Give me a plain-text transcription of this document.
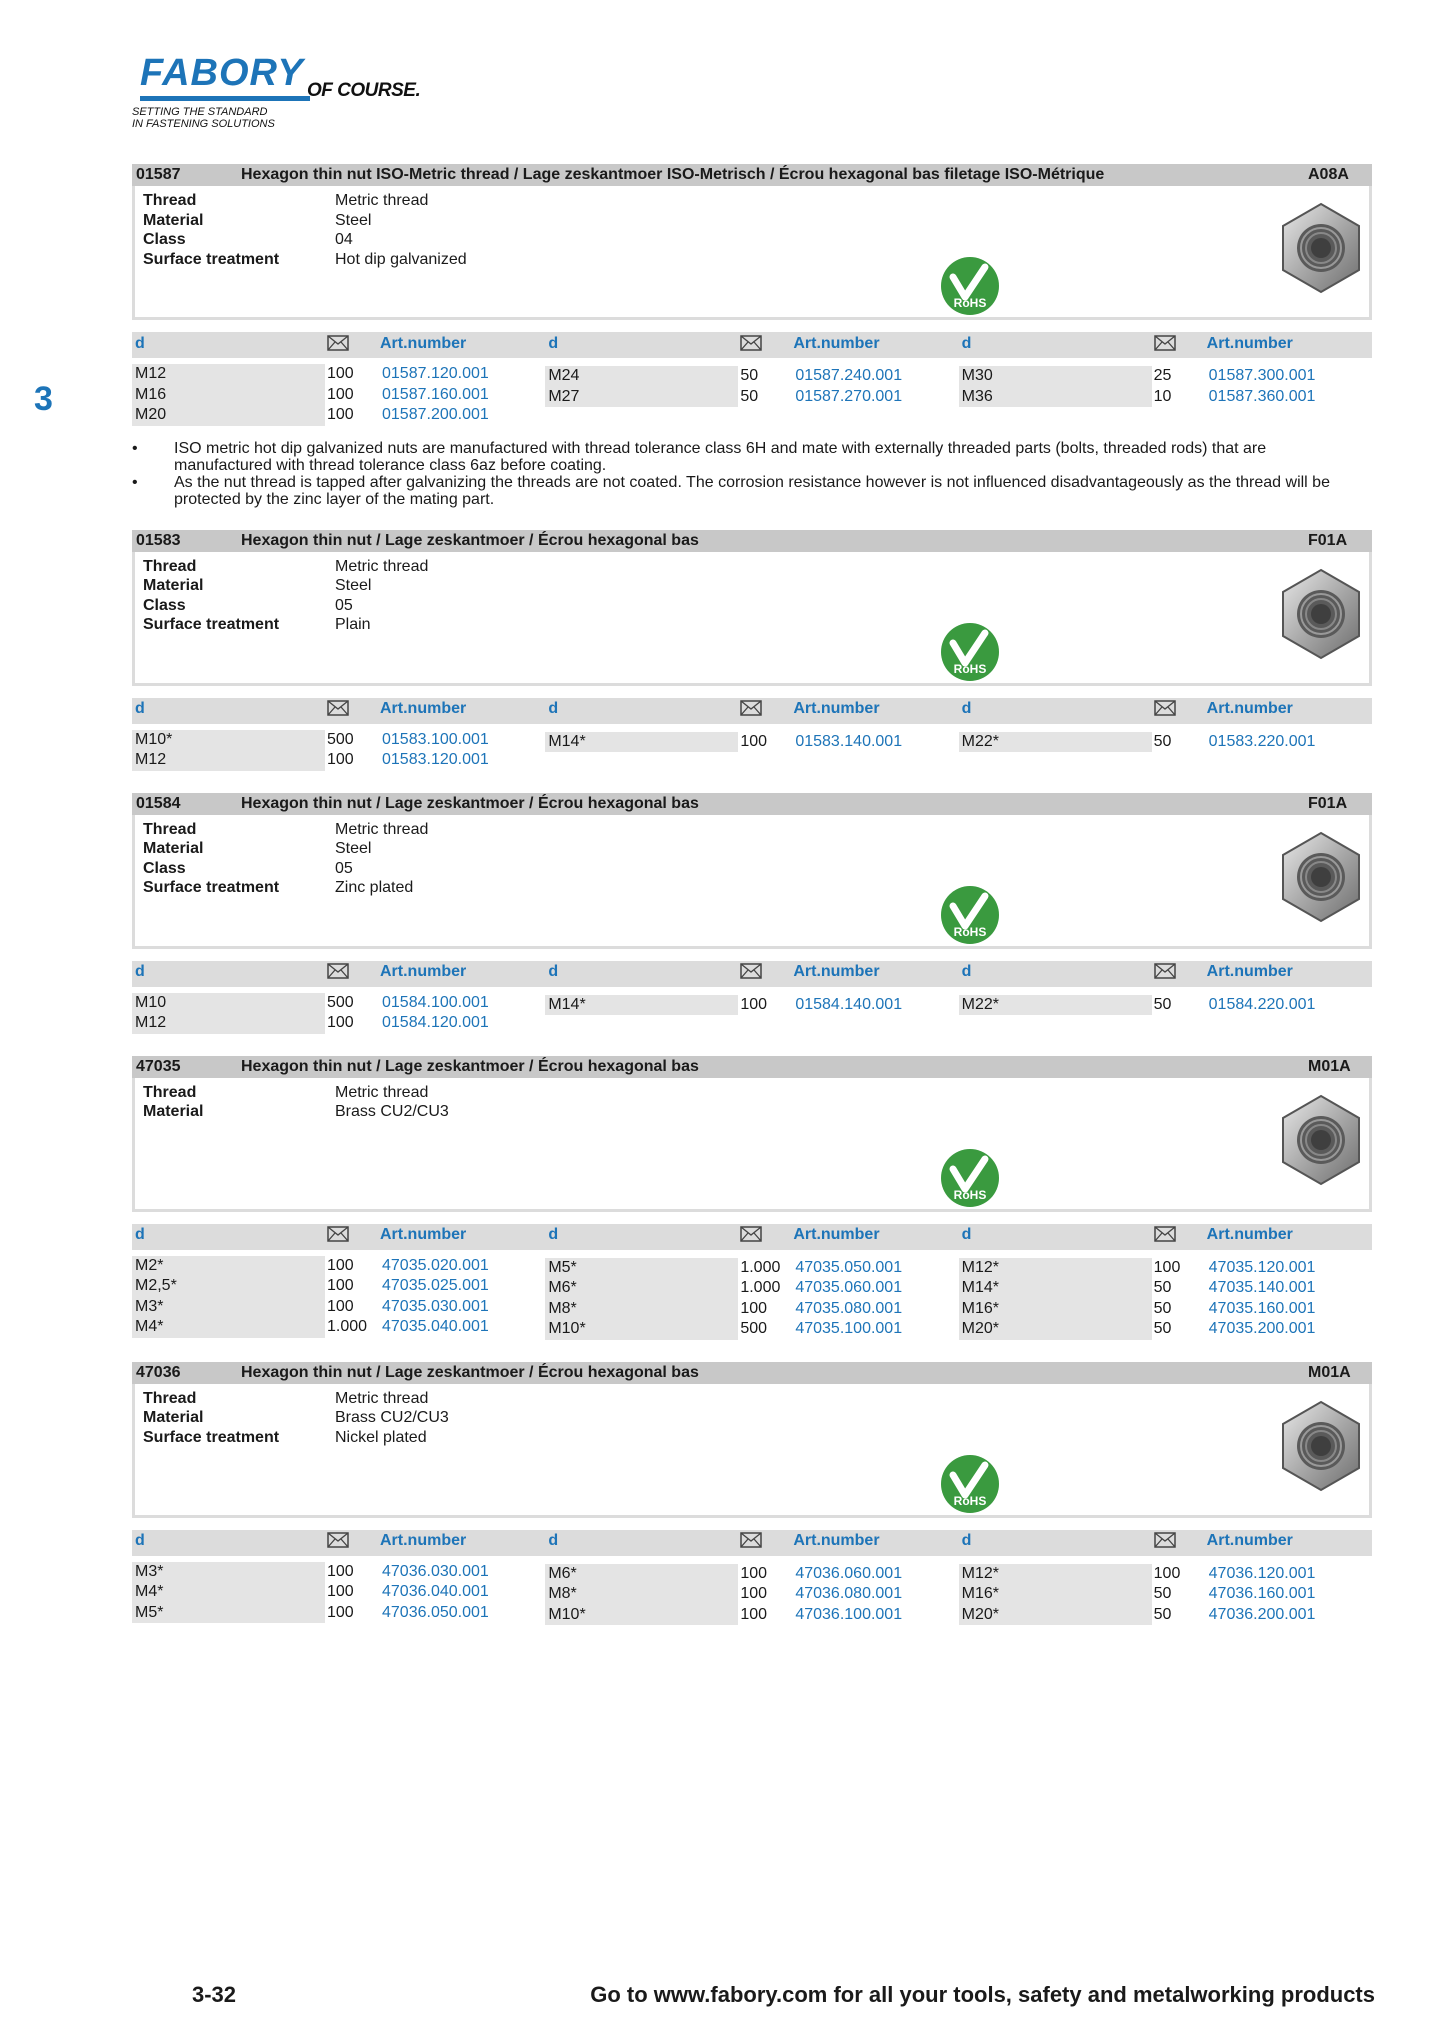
FABORY OF COURSE.
SETTING THE STANDARD
IN FASTENING SOLUTIONS
3
01587	Hexagon thin nut ISO-Metric thread / Lage zeskantmoer ISO-Metrisch / Écrou hexagonal bas filetage ISO-Métrique	A08A
Thread	Metric thread
Material	Steel
Class	04
Surface treatment	Hot dip galvanized
RoHS
d	Art.number	d	Art.number	d	Art.number
M12	100	01587.120.001
M16	100	01587.160.001
M20	100	01587.200.001
M24	50	01587.240.001
M27	50	01587.270.001
M30	25	01587.300.001
M36	10	01587.360.001
•	ISO metric hot dip galvanized nuts are manufactured with thread tolerance class 6H and mate with externally threaded parts (bolts, threaded rods) that are manufactured with thread tolerance class 6az before coating.
•	As the nut thread is tapped after galvanizing the threads are not coated. The corrosion resistance however is not influenced disadvantageously as the thread will be protected by the zinc layer of the mating part.
01583	Hexagon thin nut / Lage zeskantmoer / Écrou hexagonal bas	F01A
Thread	Metric thread
Material	Steel
Class	05
Surface treatment	Plain
RoHS
d	Art.number	d	Art.number	d	Art.number
M10*	500	01583.100.001
M12	100	01583.120.001
M14*	100	01583.140.001	M22*	50	01583.220.001
01584	Hexagon thin nut / Lage zeskantmoer / Écrou hexagonal bas	F01A
Thread	Metric thread
Material	Steel
Class	05
Surface treatment	Zinc plated
RoHS
d	Art.number	d	Art.number	d	Art.number
M10	500	01584.100.001
M12	100	01584.120.001
M14*	100	01584.140.001	M22*	50	01584.220.001
47035	Hexagon thin nut / Lage zeskantmoer / Écrou hexagonal bas	M01A
Thread	Metric thread
Material	Brass CU2/CU3
RoHS
d	Art.number	d	Art.number	d	Art.number
M2*	100	47035.020.001
M2,5*	100	47035.025.001
M3*	100	47035.030.001
M4*	1.000 47035.040.001
M5*	1.000 47035.050.001
M6*	1.000 47035.060.001
M8*	100	47035.080.001
M10*	500	47035.100.001
M12*	100	47035.120.001
M14*	50	47035.140.001
M16*	50	47035.160.001
M20*	50	47035.200.001
47036	Hexagon thin nut / Lage zeskantmoer / Écrou hexagonal bas	M01A
Thread	Metric thread
Material	Brass CU2/CU3
Surface treatment	Nickel plated
RoHS
d	Art.number	d	Art.number	d	Art.number
M3*	100	47036.030.001
M4*	100	47036.040.001
M5*	100	47036.050.001
M6*	100	47036.060.001
M8*	100	47036.080.001
M10*	100	47036.100.001
M12*	100	47036.120.001
M16*	50	47036.160.001
M20*	50	47036.200.001
3-32	Go to www.fabory.com for all your tools, safety and metalworking products
